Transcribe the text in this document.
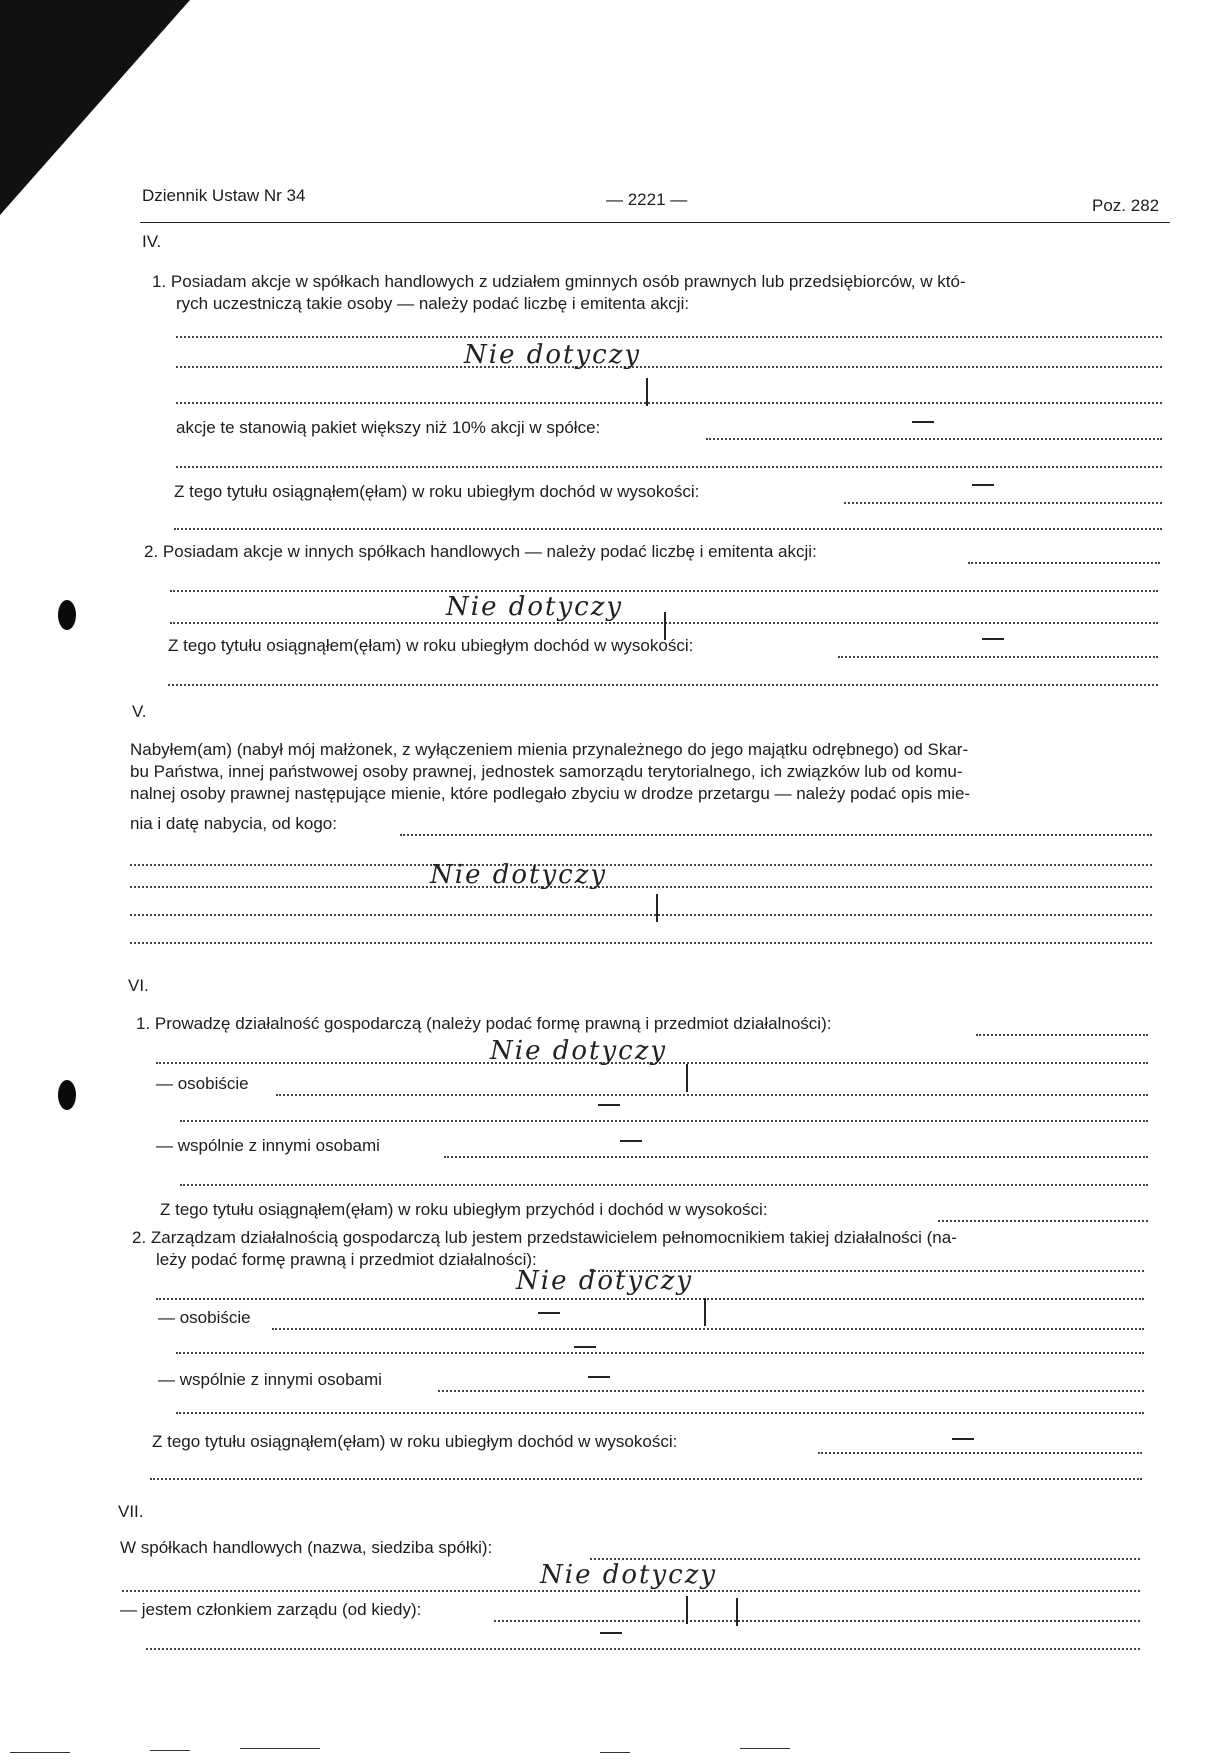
Dziennik Ustaw Nr 34	— 2221 —	Poz. 282
IV.
1. Posiadam akcje w spółkach handlowych z udziałem gminnych osób prawnych lub przedsiębiorców, w któ-
rych uczestniczą takie osoby — należy podać liczbę i emitenta akcji:
Nie dotyczy
akcje te stanowią pakiet większy niż 10% akcji w spółce:
Z tego tytułu osiągnąłem(ęłam) w roku ubiegłym dochód w wysokości:
2. Posiadam akcje w innych spółkach handlowych — należy podać liczbę i emitenta akcji:
Nie dotyczy
Z tego tytułu osiągnąłem(ęłam) w roku ubiegłym dochód w wysokości:
V.
Nabyłem(am) (nabył mój małżonek, z wyłączeniem mienia przynależnego do jego majątku odrębnego) od Skar-
bu Państwa, innej państwowej osoby prawnej, jednostek samorządu terytorialnego, ich związków lub od komu-
nalnej osoby prawnej następujące mienie, które podlegało zbyciu w drodze przetargu — należy podać opis mie-
nia i datę nabycia, od kogo:
Nie dotyczy
VI.
1. Prowadzę działalność gospodarczą (należy podać formę prawną i przedmiot działalności):
Nie dotyczy
— osobiście
— wspólnie z innymi osobami
Z tego tytułu osiągnąłem(ęłam) w roku ubiegłym przychód i dochód w wysokości:
2. Zarządzam działalnością gospodarczą lub jestem przedstawicielem pełnomocnikiem takiej działalności (na-
leży podać formę prawną i przedmiot działalności):
Nie dotyczy
— osobiście
— wspólnie z innymi osobami
Z tego tytułu osiągnąłem(ęłam) w roku ubiegłym dochód w wysokości:
VII.
W spółkach handlowych (nazwa, siedziba spółki):
Nie dotyczy
— jestem członkiem zarządu (od kiedy):
